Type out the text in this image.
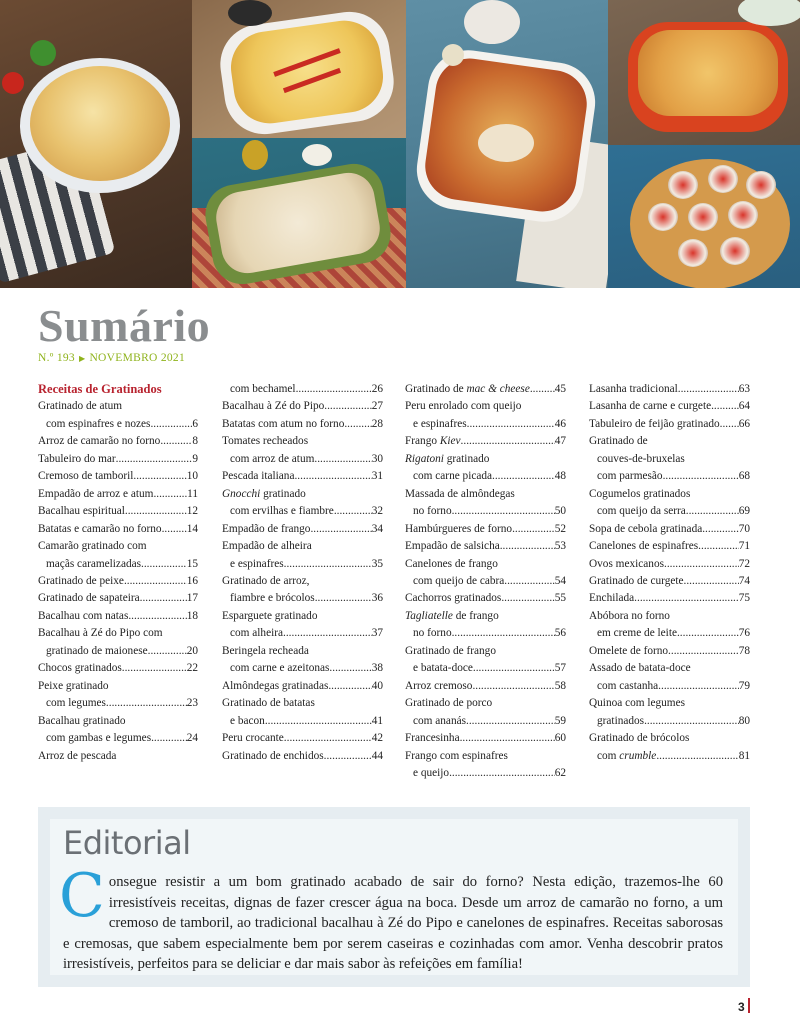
Sumário
N.º 193 ▶ NOVEMBRO 2021
Receitas de Gratinados
Gratinado de atum
com espinafres e nozes .....	6
Arroz de camarão no forno .....	8
Tabuleiro do mar .....	9
Cremoso de tamboril .....	10
Empadão de arroz e atum .....	11
Bacalhau espiritual .....	12
Batatas e camarão no forno ..... 14
Camarão gratinado com
maçãs caramelizadas .....	15
Gratinado de peixe .....	16
Gratinado de sapateira .....	17
Bacalhau com natas .....	18
Bacalhau à Zé do Pipo com
gratinado de maionese .....	20
Chocos gratinados .....	22
Peixe gratinado
com legumes .....	23
Bacalhau gratinado
com gambas e legumes .....	24
Arroz de pescada
com bechamel .....	26
Bacalhau à Zé do Pipo .....	27
Batatas com atum no forno ..... 28
Tomates recheados
com arroz de atum .....	30
Pescada italiana .....	31
Gnocchi gratinado
com ervilhas e fiambre .....	32
Empadão de frango .....	34
Empadão de alheira
e espinafres .....	35
Gratinado de arroz,
fiambre e brócolos .....	36
Esparguete gratinado
com alheira .....	37
Beringela recheada
com carne e azeitonas .....	38
Almôndegas gratinadas .....	40
Gratinado de batatas
e bacon .....	41
Peru crocante .....	42
Gratinado de enchidos .....	44
Gratinado de mac & cheese ..... 45
Peru enrolado com queijo
e espinafres .....	46
Frango Kiev .....	47
Rigatoni gratinado
com carne picada .....	48
Massada de almôndegas
no forno .....	50
Hambúrgueres de forno .....	52
Empadão de salsicha .....	53
Canelones de frango
com queijo de cabra .....	54
Cachorros gratinados .....	55
Tagliatelle de frango
no forno .....	56
Gratinado de frango
e batata-doce .....	57
Arroz cremoso .....	58
Gratinado de porco
com ananás .....	59
Francesinha .....	60
Frango com espinafres
e queijo .....	62
Lasanha tradicional .....	63
Lasanha de carne e curgete ..... 64
Tabuleiro de feijão gratinado ..... 66
Gratinado de
couves-de-bruxelas
com parmesão .....	68
Cogumelos gratinados
com queijo da serra .....	69
Sopa de cebola gratinada .....	70
Canelones de espinafres .....	71
Ovos mexicanos .....	72
Gratinado de curgete .....	74
Enchilada .....	75
Abóbora no forno
em creme de leite .....	76
Omelete de forno .....	78
Assado de batata-doce
com castanha .....	79
Quinoa com legumes
gratinados .....	80
Gratinado de brócolos
com crumble .....	81
Editorial
Consegue resistir a um bom gratinado acabado de sair do forno? Nesta edição, trazemos-lhe 60 irresistíveis receitas, dignas de fazer crescer água na boca. Desde um arroz de camarão no forno, a um cremoso de tamboril, ao tradicional bacalhau à Zé do Pipo e canelones de espinafres. Receitas saborosas e cremosas, que sabem especialmente bem por serem caseiras e cozinhadas com amor. Venha descobrir pratos irresistíveis, perfeitos para se deliciar e dar mais sabor às refeições em família!
3
